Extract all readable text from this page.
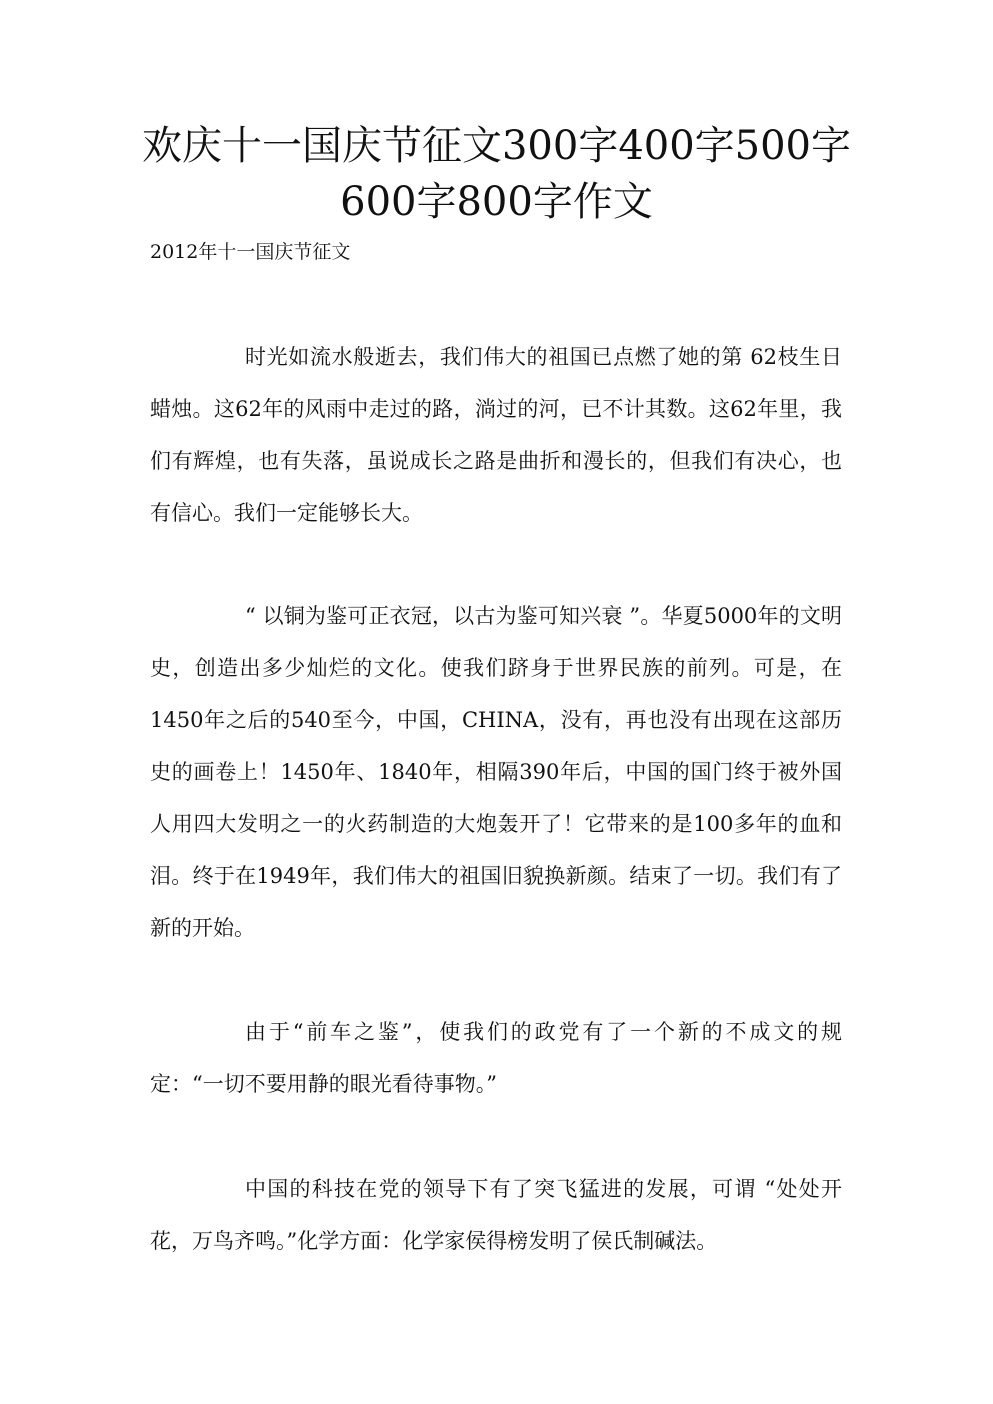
欢庆十一国庆节征文300字400字500字600字800字作文
2012年十一国庆节征文

时光如流水般逝去，我们伟大的祖国已点燃了她的第 62枝生日蜡烛。这62年的风雨中走过的路，淌过的河，已不计其数。这62年里，我们有辉煌，也有失落，虽说成长之路是曲折和漫长的，但我们有决心，也有信心。我们一定能够长大。

“ 以铜为鉴可正衣冠，以古为鉴可知兴衰 ”。华夏5000年的文明史，创造出多少灿烂的文化。使我们跻身于世界民族的前列。可是，在1450年之后的540至今，中国，CHINA，没有，再也没有出现在这部历史的画卷上！1450年、1840年，相隔390年后，中国的国门终于被外国人用四大发明之一的火药制造的大炮轰开了！它带来的是100多年的血和泪。终于在1949年，我们伟大的祖国旧貌换新颜。结束了一切。我们有了新的开始。

由于“前车之鉴”，使我们的政党有了一个新的不成文的规定：“一切不要用静的眼光看待事物。”

中国的科技在党的领导下有了突飞猛进的发展，可谓 “处处开花，万鸟齐鸣。”化学方面：化学家侯得榜发明了侯氏制碱法。
